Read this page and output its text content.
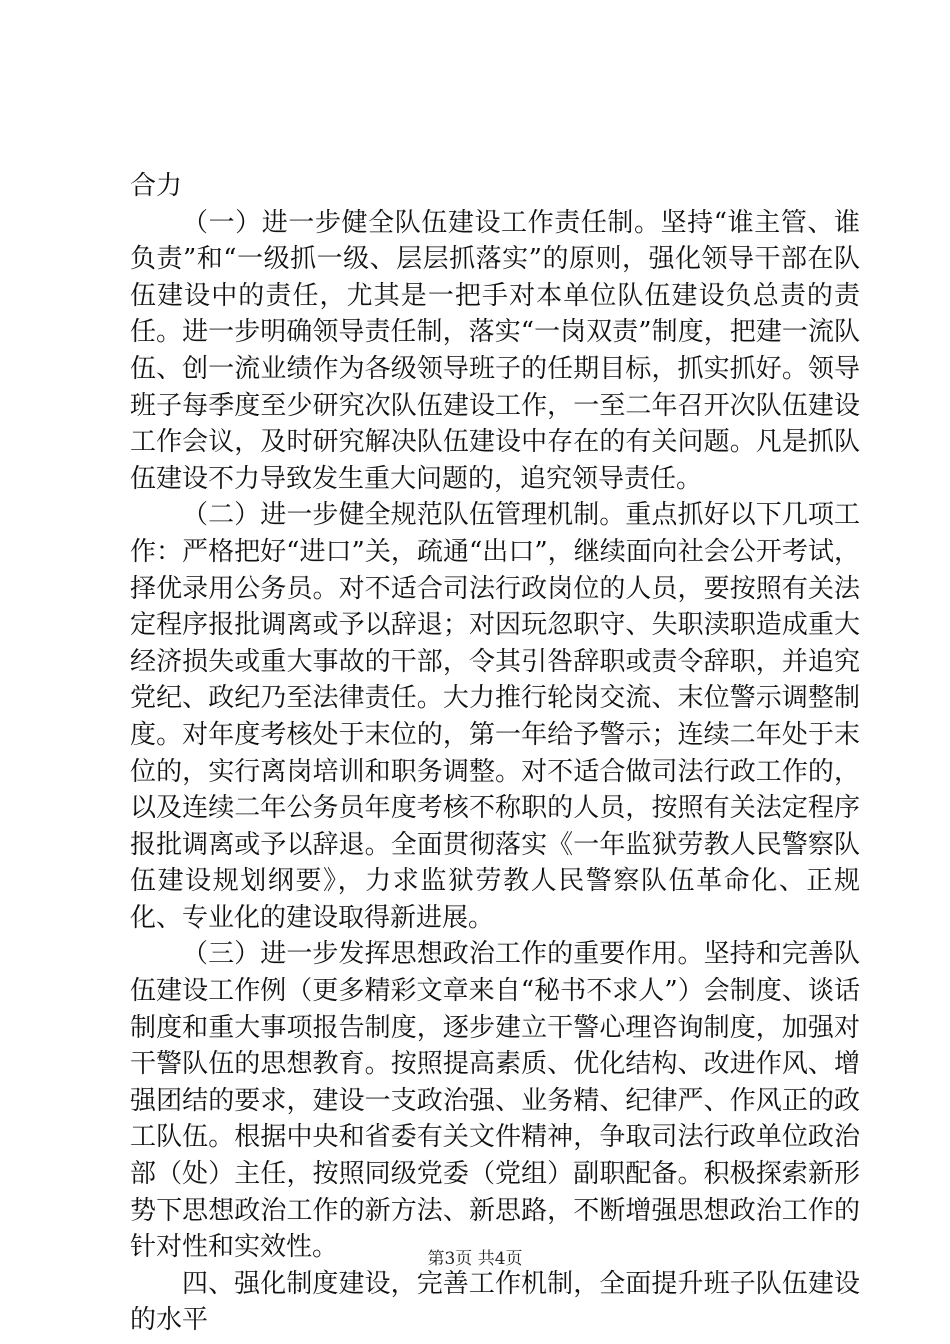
合力

（一）进一步健全队伍建设工作责任制。坚持“谁主管、谁负责”和“一级抓一级、层层抓落实”的原则，强化领导干部在队伍建设中的责任，尤其是一把手对本单位队伍建设负总责的责任。进一步明确领导责任制，落实“一岗双责”制度，把建一流队伍、创一流业绩作为各级领导班子的任期目标，抓实抓好。领导班子每季度至少研究次队伍建设工作，一至二年召开次队伍建设工作会议，及时研究解决队伍建设中存在的有关问题。凡是抓队伍建设不力导致发生重大问题的，追究领导责任。

（二）进一步健全规范队伍管理机制。重点抓好以下几项工作：严格把好“进口”关，疏通“出口”，继续面向社会公开考试，择优录用公务员。对不适合司法行政岗位的人员，要按照有关法定程序报批调离或予以辞退；对因玩忽职守、失职渎职造成重大经济损失或重大事故的干部，令其引咎辞职或责令辞职，并追究党纪、政纪乃至法律责任。大力推行轮岗交流、末位警示调整制度。对年度考核处于末位的，第一年给予警示；连续二年处于末位的，实行离岗培训和职务调整。对不适合做司法行政工作的，以及连续二年公务员年度考核不称职的人员，按照有关法定程序报批调离或予以辞退。全面贯彻落实《一年监狱劳教人民警察队伍建设规划纲要》，力求监狱劳教人民警察队伍革命化、正规化、专业化的建设取得新进展。

（三）进一步发挥思想政治工作的重要作用。坚持和完善队伍建设工作例（更多精彩文章来自“秘书不求人”）会制度、谈话制度和重大事项报告制度，逐步建立干警心理咨询制度，加强对干警队伍的思想教育。按照提高素质、优化结构、改进作风、增强团结的要求，建设一支政治强、业务精、纪律严、作风正的政工队伍。根据中央和省委有关文件精神，争取司法行政单位政治部（处）主任，按照同级党委（党组）副职配备。积极探索新形势下思想政治工作的新方法、新思路，不断增强思想政治工作的针对性和实效性。

四、强化制度建设，完善工作机制，全面提升班子队伍建设的水平

第3页 共4页
